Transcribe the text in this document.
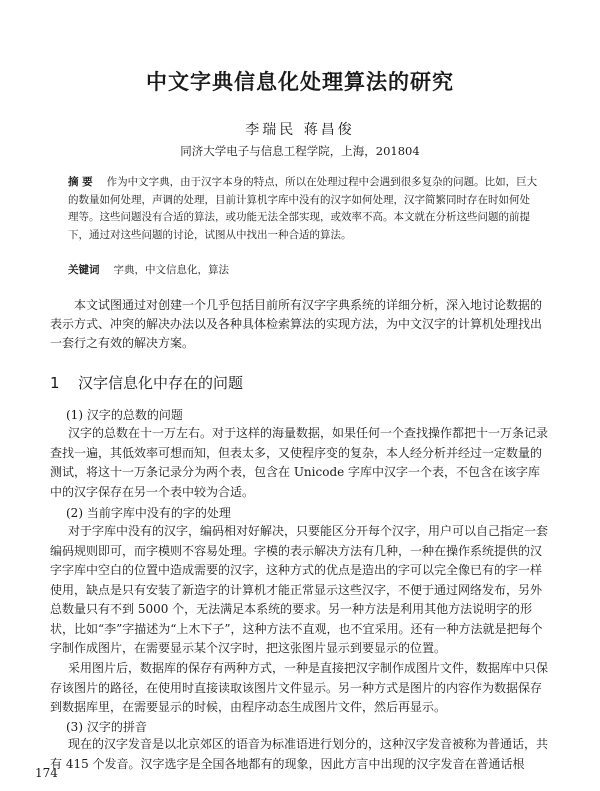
中文字典信息化处理算法的研究
李瑞民 蒋昌俊
同济大学电子与信息工程学院，上海，201804
摘 要 作为中文字典，由于汉字本身的特点，所以在处理过程中会遇到很多复杂的问题。比如，巨大的数量如何处理，声调的处理，目前计算机字库中没有的汉字如何处理，汉字简繁同时存在时如何处理等。这些问题没有合适的算法，或功能无法全部实现，或效率不高。本文就在分析这些问题的前提下，通过对这些问题的讨论，试图从中找出一种合适的算法。
关键词 字典，中文信息化，算法
本文试图通过对创建一个几乎包括目前所有汉字字典系统的详细分析，深入地讨论数据的表示方式、冲突的解决办法以及各种具体检索算法的实现方法，为中文汉字的计算机处理找出一套行之有效的解决方案。
1 汉字信息化中存在的问题
(1) 汉字的总数的问题
汉字的总数在十一万左右。对于这样的海量数据，如果任何一个查找操作都把十一万条记录查找一遍，其低效率可想而知，但表太多，又使程序变的复杂，本人经分析并经过一定数量的测试，将这十一万条记录分为两个表，包含在 Unicode 字库中汉字一个表，不包含在该字库中的汉字保存在另一个表中较为合适。
(2) 当前字库中没有的字的处理
对于字库中没有的汉字，编码相对好解决，只要能区分开每个汉字，用户可以自己指定一套编码规则即可，而字模则不容易处理。字模的表示解决方法有几种，一种在操作系统提供的汉字字库中空白的位置中造成需要的汉字，这种方式的优点是造出的字可以完全像已有的字一样使用，缺点是只有安装了新造字的计算机才能正常显示这些汉字，不便于通过网络发布，另外总数量只有不到 5000 个，无法满足本系统的要求。另一种方法是利用其他方法说明字的形状，比如“李”字描述为“上木下子”，这种方法不直观，也不宜采用。还有一种方法就是把每个字制作成图片，在需要显示某个汉字时，把这张图片显示到要显示的位置。
采用图片后，数据库的保存有两种方式，一种是直接把汉字制作成图片文件，数据库中只保存该图片的路径，在使用时直接读取该图片文件显示。另一种方式是图片的内容作为数据保存到数据库里，在需要显示的时候，由程序动态生成图片文件，然后再显示。
(3) 汉字的拼音
现在的汉字发音是以北京郊区的语音为标准语进行划分的，这种汉字发音被称为普通话，共有 415 个发音。汉字选字是全国各地都有的现象，因此方言中出现的汉字发音在普通话根
174
